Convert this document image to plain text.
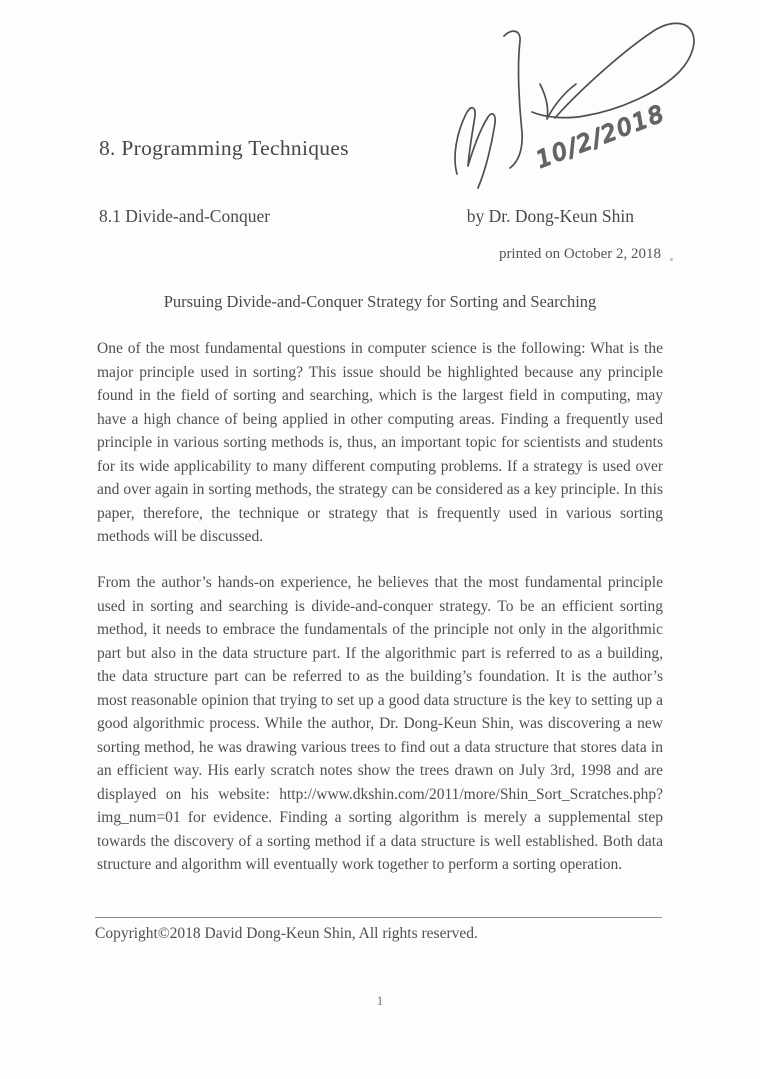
8. Programming Techniques	10/2/2018
8.1 Divide-and-Conquer	by Dr. Dong-Keun Shin
printed on October 2, 2018
Pursuing Divide-and-Conquer Strategy for Sorting and Searching

One of the most fundamental questions in computer science is the following: What is the major principle used in sorting? This issue should be highlighted because any principle found in the field of sorting and searching, which is the largest field in computing, may have a high chance of being applied in other computing areas. Finding a frequently used principle in various sorting methods is, thus, an important topic for scientists and students for its wide applicability to many different computing problems. If a strategy is used over and over again in sorting methods, the strategy can be considered as a key principle. In this paper, therefore, the technique or strategy that is frequently used in various sorting methods will be discussed.

From the author’s hands-on experience, he believes that the most fundamental principle used in sorting and searching is divide-and-conquer strategy. To be an efficient sorting method, it needs to embrace the fundamentals of the principle not only in the algorithmic part but also in the data structure part. If the algorithmic part is referred to as a building, the data structure part can be referred to as the building’s foundation. It is the author’s most reasonable opinion that trying to set up a good data structure is the key to setting up a good algorithmic process. While the author, Dr. Dong-Keun Shin, was discovering a new sorting method, he was drawing various trees to find out a data structure that stores data in an efficient way. His early scratch notes show the trees drawn on July 3rd, 1998 and are displayed on his website: http://www.dkshin.com/2011/more/Shin_Sort_Scratches.php?img_num=01 for evidence. Finding a sorting algorithm is merely a supplemental step towards the discovery of a sorting method if a data structure is well established. Both data structure and algorithm will eventually work together to perform a sorting operation.

Copyright©2018 David Dong-Keun Shin, All rights reserved.
1
